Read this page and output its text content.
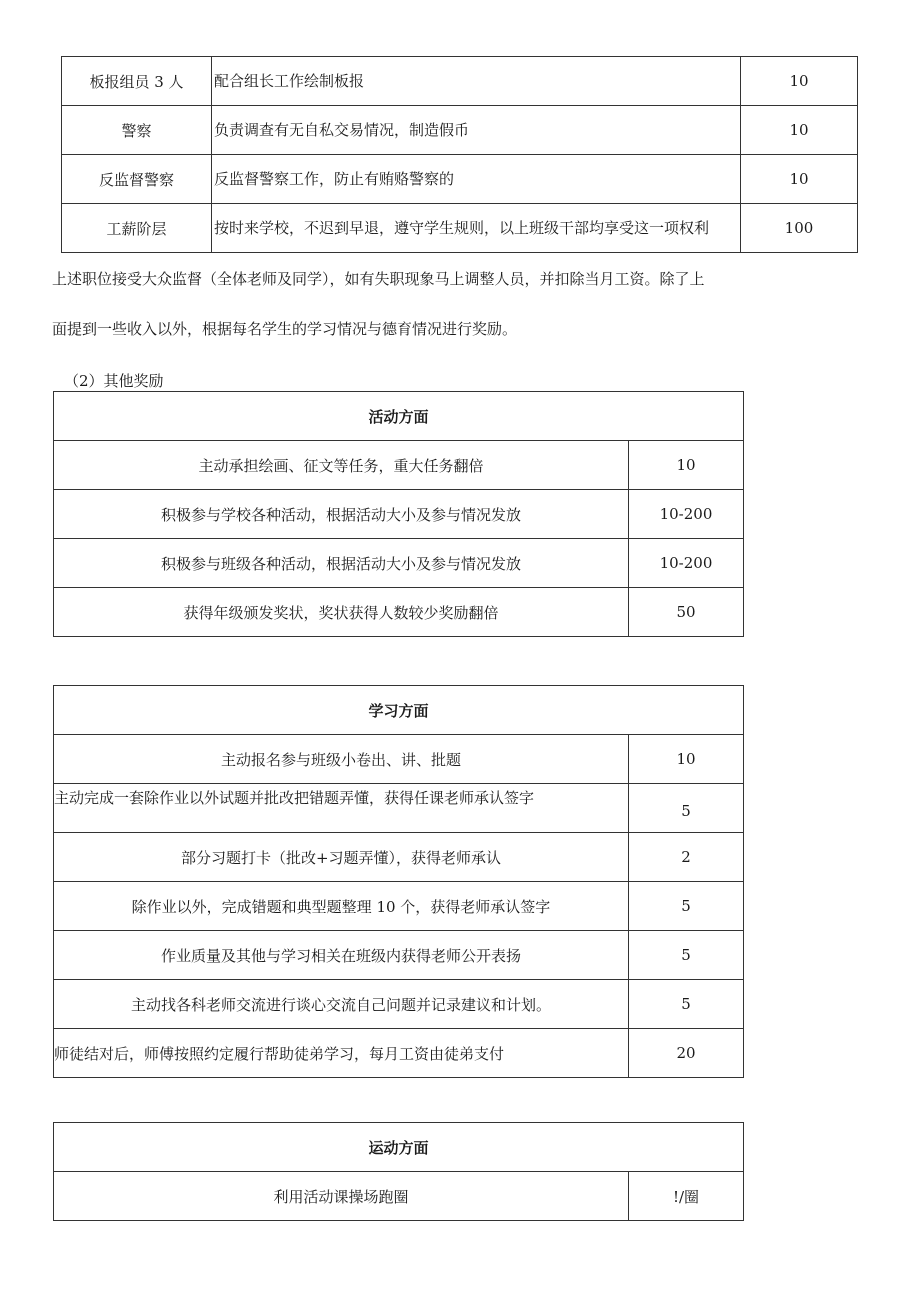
板报组员 3 人	配合组长工作绘制板报	10
警察	负责调查有无自私交易情况，制造假币	10
反监督警察	反监督警察工作，防止有贿赂警察的	10
工薪阶层	按时来学校，不迟到早退，遵守学生规则，以上班级干部均享受这一项权利	100
上述职位接受大众监督（全体老师及同学），如有失职现象马上调整人员，并扣除当月工资。除了上
面提到一些收入以外，根据每名学生的学习情况与德育情况进行奖励。
（2）其他奖励
活动方面	
主动承担绘画、征文等任务，重大任务翻倍	10
积极参与学校各种活动，根据活动大小及参与情况发放	10-200
积极参与班级各种活动，根据活动大小及参与情况发放	10-200
获得年级颁发奖状，奖状获得人数较少奖励翻倍	50
学习方面	
主动报名参与班级小卷出、讲、批题	10
主动完成一套除作业以外试题并批改把错题弄懂，获得任课老师承认签字	5
部分习题打卡（批改+习题弄懂），获得老师承认	2
除作业以外，完成错题和典型题整理 10 个，获得老师承认签字	5
作业质量及其他与学习相关在班级内获得老师公开表扬	5
主动找各科老师交流进行谈心交流自己问题并记录建议和计划。	5
师徒结对后，师傅按照约定履行帮助徒弟学习，每月工资由徒弟支付	20
运动方面
利用活动课操场跑圈	!/圈
